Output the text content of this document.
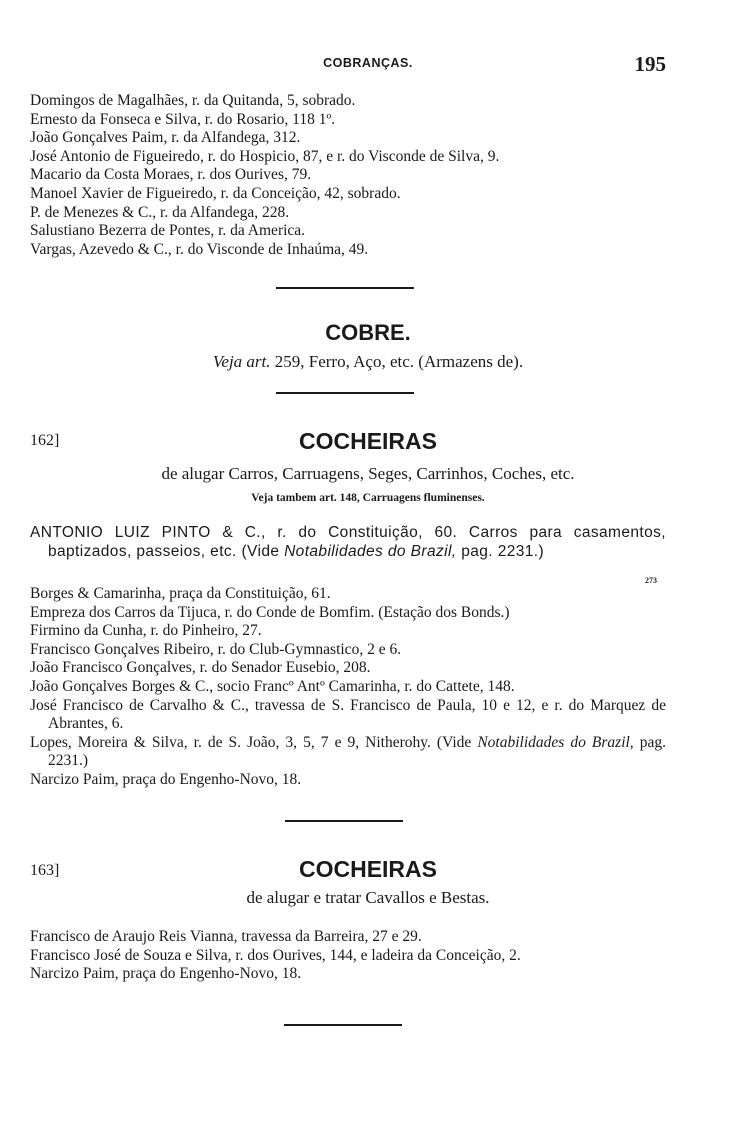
COBRANÇAS.	195
Domingos de Magalhães, r. da Quitanda, 5, sobrado.
Ernesto da Fonseca e Silva, r. do Rosario, 118 1º.
João Gonçalves Paim, r. da Alfandega, 312.
José Antonio de Figueiredo, r. do Hospicio, 87, e r. do Visconde de Silva, 9.
Macario da Costa Moraes, r. dos Ourives, 79.
Manoel Xavier de Figueiredo, r. da Conceição, 42, sobrado.
P. de Menezes & C., r. da Alfandega, 228.
Salustiano Bezerra de Pontes, r. da America.
Vargas, Azevedo & C., r. do Visconde de Inhaúma, 49.
COBRE.
Veja art. 259, Ferro, Aço, etc. (Armazens de).
162]	COCHEIRAS
de alugar Carros, Carruagens, Seges, Carrinhos, Coches, etc.
Veja tambem art. 148, Carruagens fluminenses.
ANTONIO LUIZ PINTO & C., r. do Constituição, 60. Carros para casamentos, baptizados, passeios, etc. (Vide Notabilidades do Brazil, pag. 2231.)
273
Borges & Camarinha, praça da Constituição, 61.
Empreza dos Carros da Tijuca, r. do Conde de Bomfim. (Estação dos Bonds.)
Firmino da Cunha, r. do Pinheiro, 27.
Francisco Gonçalves Ribeiro, r. do Club-Gymnastico, 2 e 6.
João Francisco Gonçalves, r. do Senador Eusebio, 208.
João Gonçalves Borges & C., socio Francº Antº Camarinha, r. do Cattete, 148.
José Francisco de Carvalho & C., travessa de S. Francisco de Paula, 10 e 12, e r. do Marquez de Abrantes, 6.
Lopes, Moreira & Silva, r. de S. João, 3, 5, 7 e 9, Nitherohy. (Vide Notabilidades do Brazil, pag. 2231.)
Narcizo Paim, praça do Engenho-Novo, 18.
163]	COCHEIRAS
de alugar e tratar Cavallos e Bestas.
Francisco de Araujo Reis Vianna, travessa da Barreira, 27 e 29.
Francisco José de Souza e Silva, r. dos Ourives, 144, e ladeira da Conceição, 2.
Narcizo Paim, praça do Engenho-Novo, 18.
